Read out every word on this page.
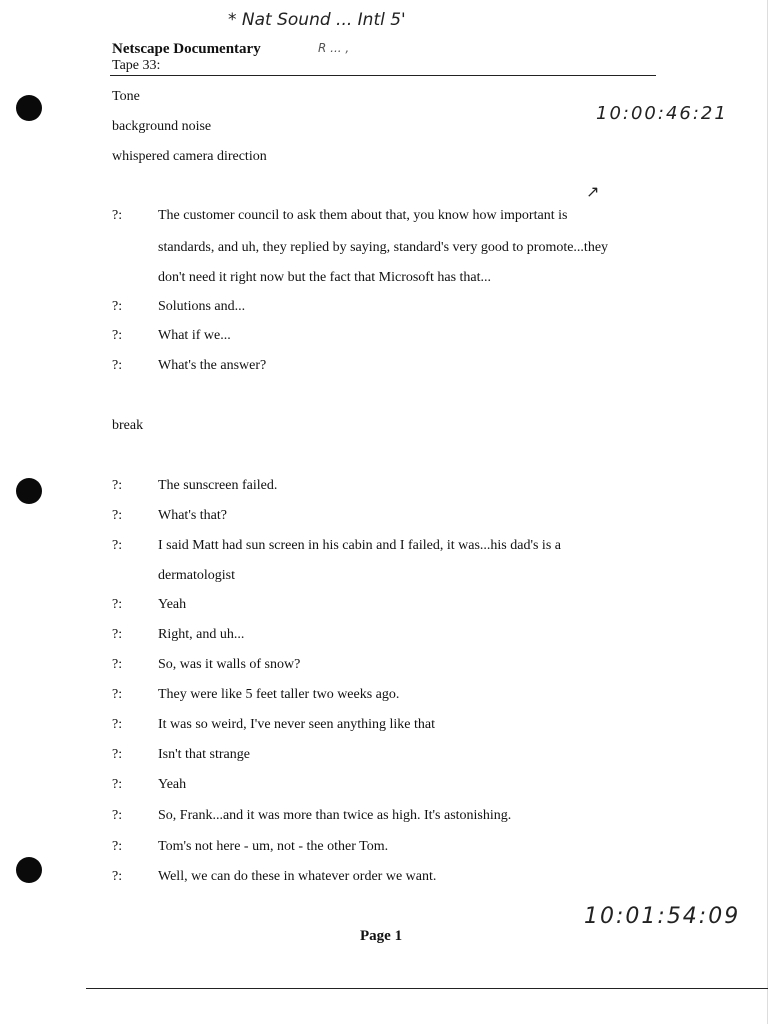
* Nat Sound ... Intl 5'
R ... ,
Netscape Documentary
Tape 33:
Tone
10:00:46:21
background noise
whispered camera direction
↗
?:	The customer council to ask them about that, you know how important is
standards, and uh, they replied by saying, standard's very good to promote...they
don't need it right now but the fact that Microsoft has that...
?:	Solutions and...
?:	What if we...
?:	What's the answer?
break
?:	The sunscreen failed.
?:	What's that?
?:	I said Matt had sun screen in his cabin and I failed, it was...his dad's is a
dermatologist
?:	Yeah
?:	Right, and uh...
?:	So, was it walls of snow?
?:	They were like 5 feet taller two weeks ago.
?:	It was so weird, I've never seen anything like that
?:	Isn't that strange
?:	Yeah
?:	So, Frank...and it was more than twice as high. It's astonishing.
?:	Tom's not here - um, not - the other Tom.
?:	Well, we can do these in whatever order we want.
10:01:54:09
Page 1
